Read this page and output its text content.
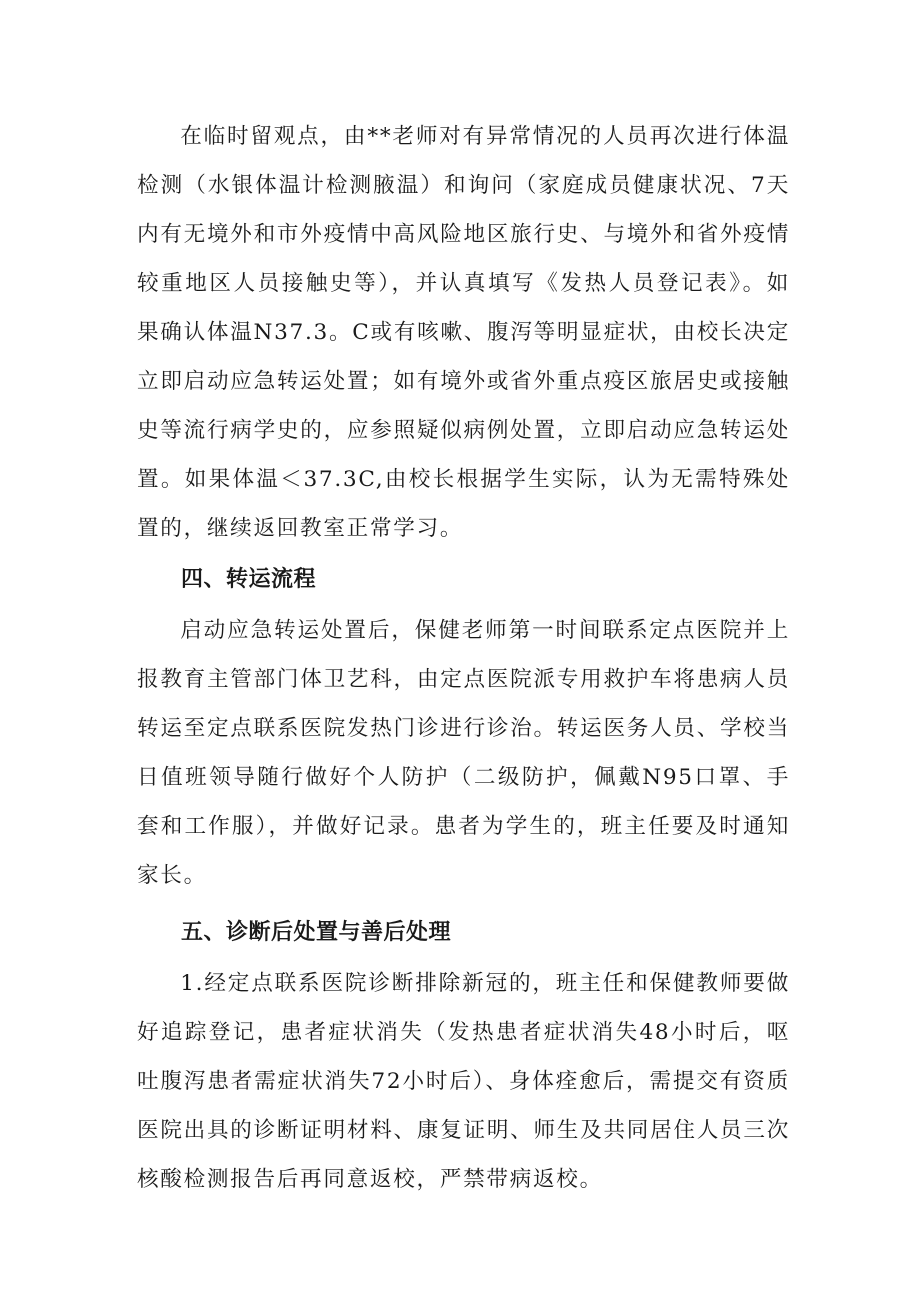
在临时留观点，由**老师对有异常情况的人员再次进行体温检测（水银体温计检测腋温）和询问（家庭成员健康状况、7天内有无境外和市外疫情中高风险地区旅行史、与境外和省外疫情较重地区人员接触史等），并认真填写《发热人员登记表》。如果确认体温N37.3。C或有咳嗽、腹泻等明显症状，由校长决定立即启动应急转运处置；如有境外或省外重点疫区旅居史或接触史等流行病学史的，应参照疑似病例处置，立即启动应急转运处置。如果体温＜37.3C,由校长根据学生实际，认为无需特殊处置的，继续返回教室正常学习。

四、转运流程

启动应急转运处置后，保健老师第一时间联系定点医院并上报教育主管部门体卫艺科，由定点医院派专用救护车将患病人员转运至定点联系医院发热门诊进行诊治。转运医务人员、学校当日值班领导随行做好个人防护（二级防护，佩戴N95口罩、手套和工作服），并做好记录。患者为学生的，班主任要及时通知家长。

五、诊断后处置与善后处理

1.经定点联系医院诊断排除新冠的，班主任和保健教师要做好追踪登记，患者症状消失（发热患者症状消失48小时后，呕吐腹泻患者需症状消失72小时后）、身体痊愈后，需提交有资质医院出具的诊断证明材料、康复证明、师生及共同居住人员三次核酸检测报告后再同意返校，严禁带病返校。
